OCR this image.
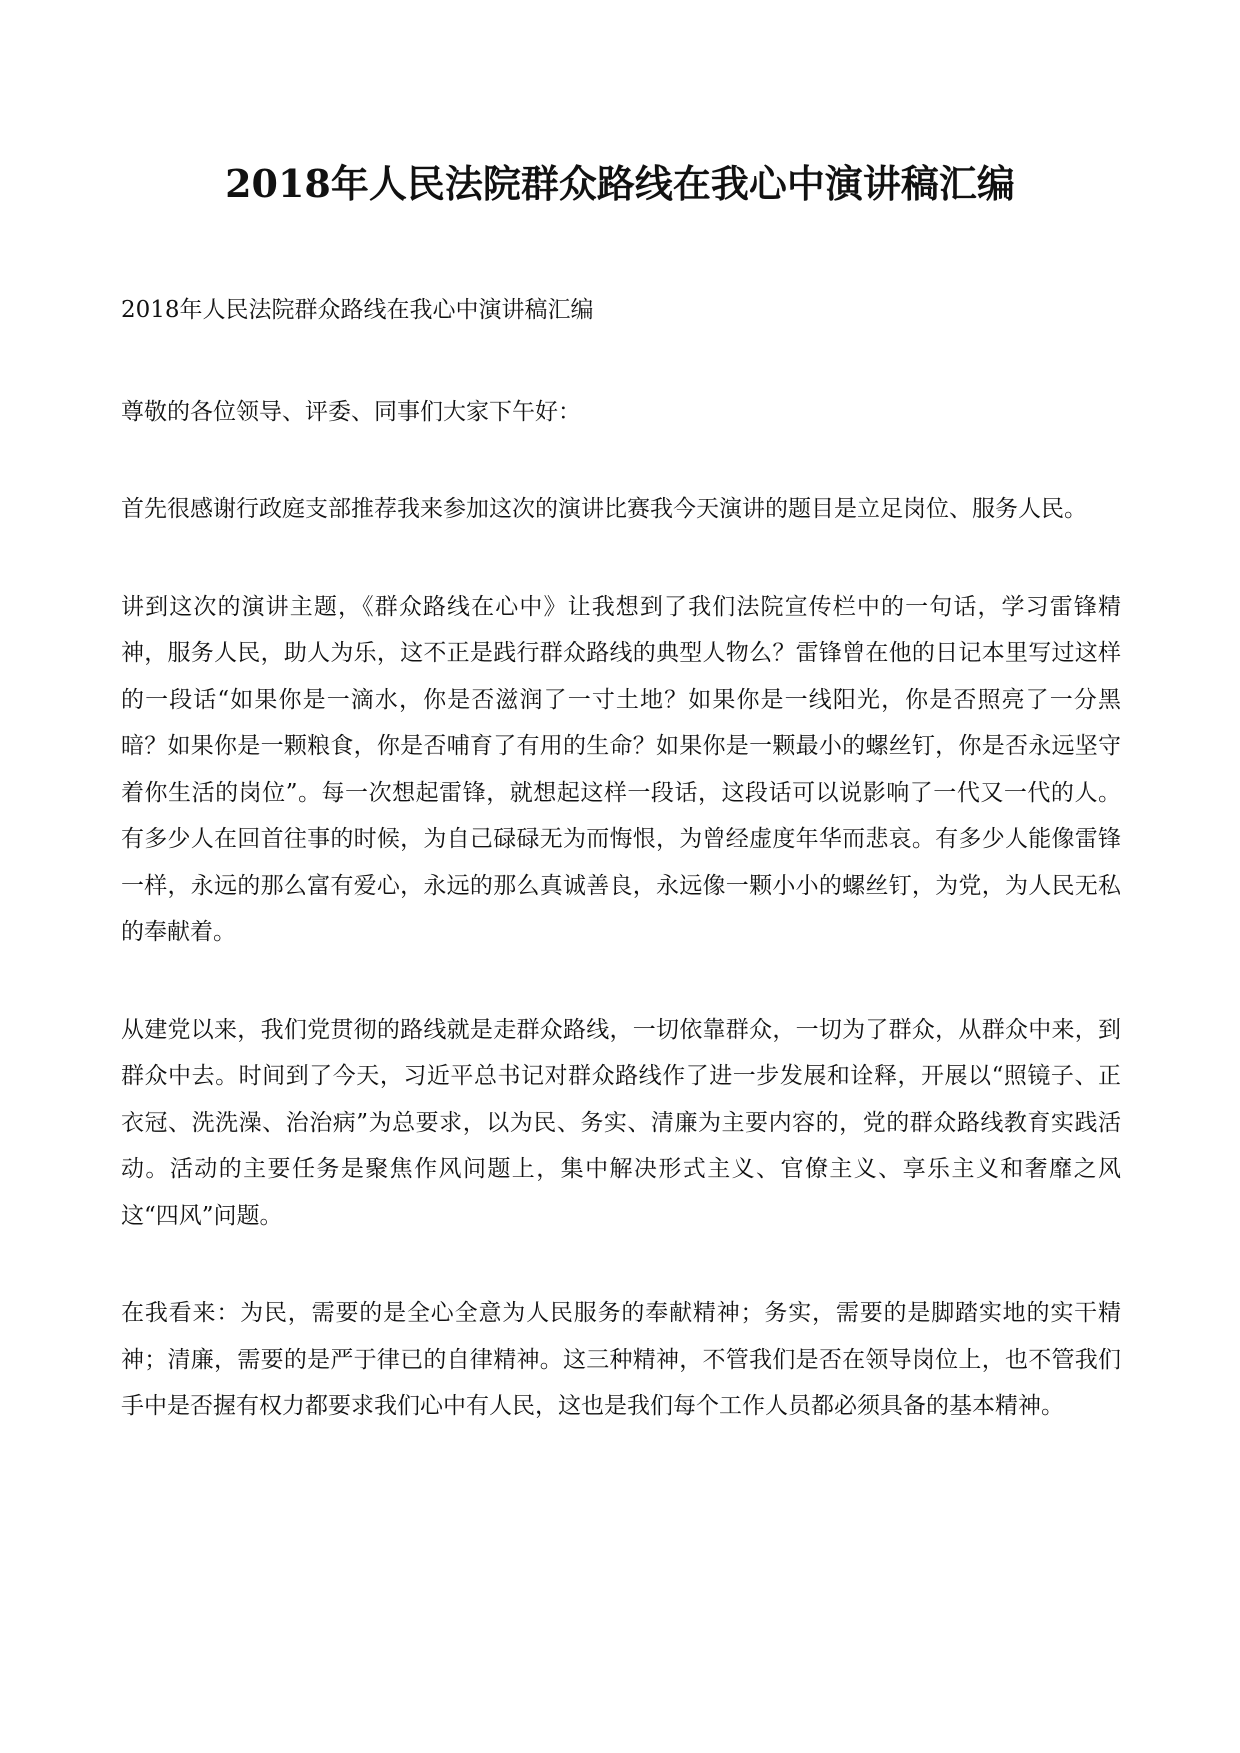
2018年人民法院群众路线在我心中演讲稿汇编

2018年人民法院群众路线在我心中演讲稿汇编

尊敬的各位领导、评委、同事们大家下午好：

首先很感谢行政庭支部推荐我来参加这次的演讲比赛我今天演讲的题目是立足岗位、服务人民。

讲到这次的演讲主题，《群众路线在心中》让我想到了我们法院宣传栏中的一句话，学习雷锋精神，服务人民，助人为乐，这不正是践行群众路线的典型人物么？雷锋曾在他的日记本里写过这样的一段话“如果你是一滴水，你是否滋润了一寸土地？如果你是一线阳光，你是否照亮了一分黑暗？如果你是一颗粮食，你是否哺育了有用的生命？如果你是一颗最小的螺丝钉，你是否永远坚守着你生活的岗位”。每一次想起雷锋，就想起这样一段话，这段话可以说影响了一代又一代的人。有多少人在回首往事的时候，为自己碌碌无为而悔恨，为曾经虚度年华而悲哀。有多少人能像雷锋一样，永远的那么富有爱心，永远的那么真诚善良，永远像一颗小小的螺丝钉，为党，为人民无私的奉献着。

从建党以来，我们党贯彻的路线就是走群众路线，一切依靠群众，一切为了群众，从群众中来，到群众中去。时间到了今天，习近平总书记对群众路线作了进一步发展和诠释，开展以“照镜子、正衣冠、洗洗澡、治治病”为总要求，以为民、务实、清廉为主要内容的，党的群众路线教育实践活动。活动的主要任务是聚焦作风问题上，集中解决形式主义、官僚主义、享乐主义和奢靡之风这“四风”问题。

在我看来：为民，需要的是全心全意为人民服务的奉献精神；务实，需要的是脚踏实地的实干精神；清廉，需要的是严于律已的自律精神。这三种精神，不管我们是否在领导岗位上，也不管我们手中是否握有权力都要求我们心中有人民，这也是我们每个工作人员都必须具备的基本精神。
